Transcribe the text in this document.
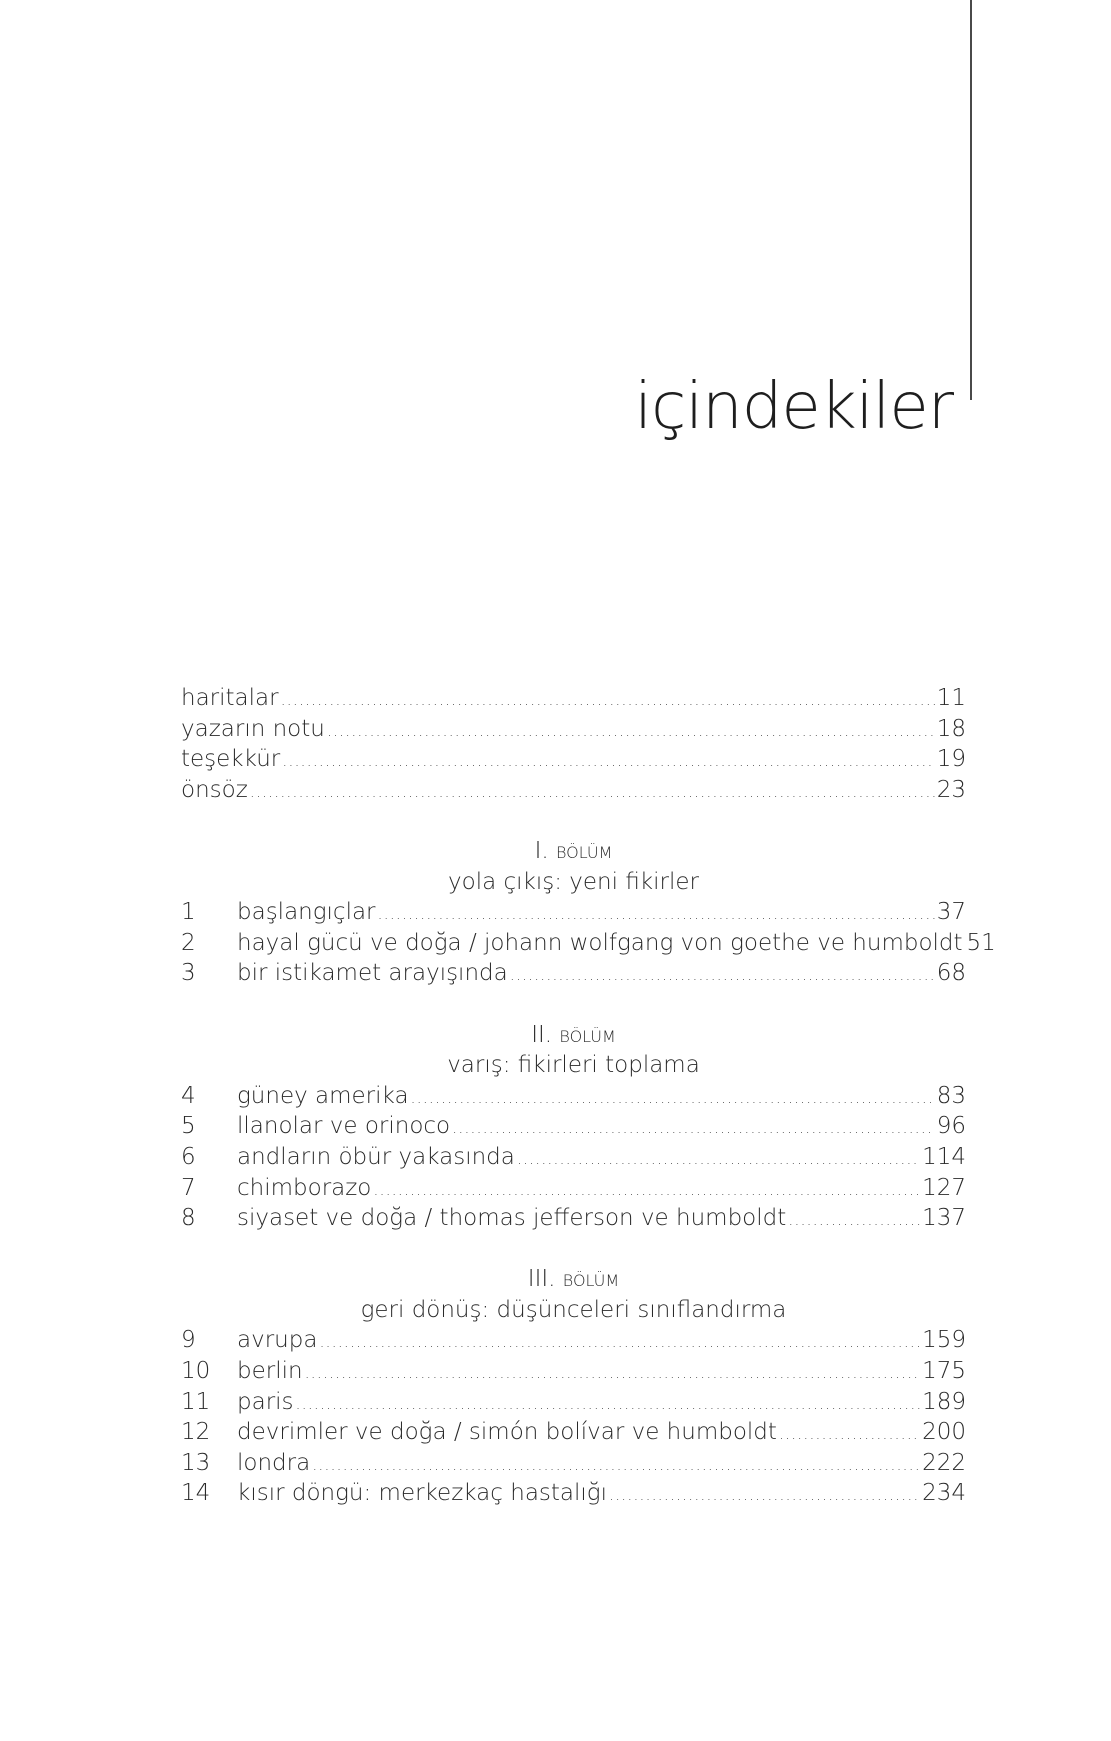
içindekiler
haritalar .....	11
yazarın notu .....	18
teşekkür .....	19
önsöz .....	23
I. bölüm
yola çıkış: yeni fikirler
1	başlangıçlar .....	37
2	hayal gücü ve doğa / johann wolfgang von goethe ve humboldt 51
3	bir istikamet arayışında .....	68
II. bölüm
varış: fikirleri toplama
4	güney amerika .....	83
5	llanolar ve orinoco .....	96
6	andların öbür yakasında .....	114
7	chimborazo .....	127
8	siyaset ve doğa / thomas jefferson ve humboldt .....	137
III. bölüm
geri dönüş: düşünceleri sınıflandırma
9	avrupa .....	159
10	berlin .....	175
11	paris .....	189
12	devrimler ve doğa / simón bolívar ve humboldt .....	200
13	londra .....	222
14	kısır döngü: merkezkaç hastalığı .....	234
